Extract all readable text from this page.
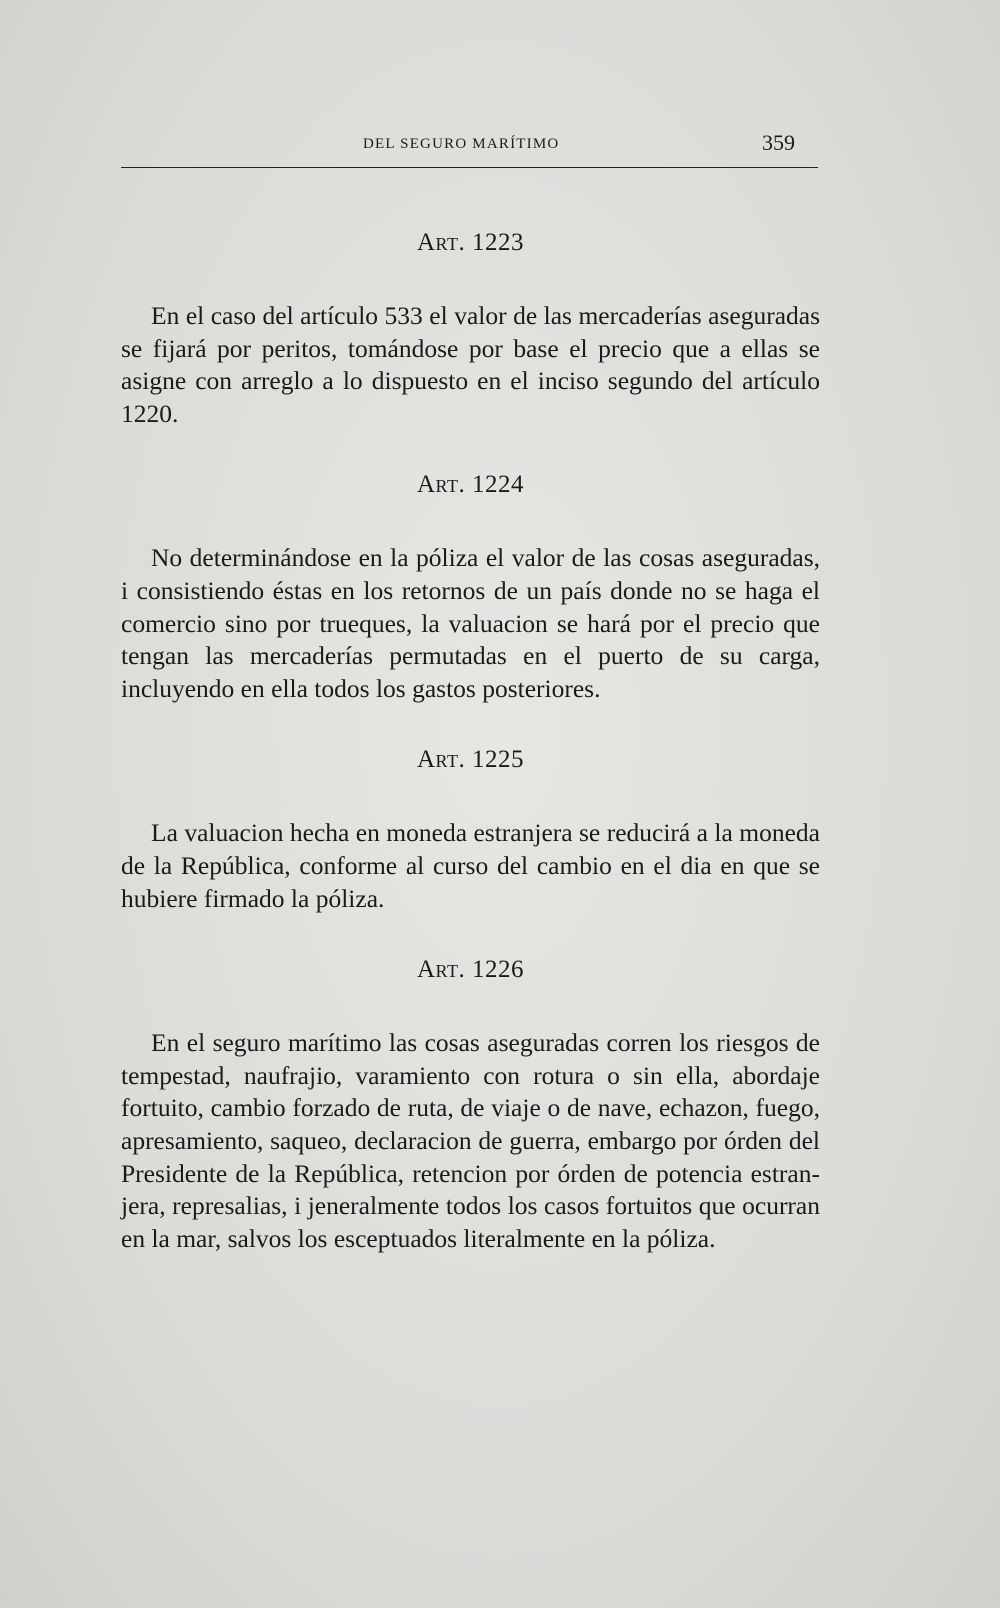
DEL SEGURO MARÍTIMO	359
Art. 1223

En el caso del artículo 533 el valor de las mercaderías aseguradas se fijará por peritos, tomándose por base el precio que a ellas se asigne con arreglo a lo dispuesto en el inciso segundo del artículo 1220.

Art. 1224

No determinándose en la póliza el valor de las cosas aseguradas, i consistiendo éstas en los retornos de un país donde no se haga el comercio sino por trueques, la valuacion se hará por el precio que tengan las mercaderías permutadas en el puerto de su carga, incluyendo en ella todos los gastos posteriores.

Art. 1225

La valuacion hecha en moneda estranjera se reducirá a la moneda de la República, conforme al curso del cambio en el dia en que se hubiere firmado la póliza.

Art. 1226

En el seguro marítimo las cosas aseguradas corren los riesgos de tempestad, naufrajio, varamiento con rotura o sin ella, abordaje fortuito, cambio forzado de ruta, de viaje o de nave, echazon, fuego, apresamiento, saqueo, declaracion de guerra, embargo por órden del Presidente de la República, retencion por órden de potencia estranjera, represalias, i jeneralmente todos los casos fortuitos que ocurran en la mar, salvos los esceptuados literalmente en la póliza.
